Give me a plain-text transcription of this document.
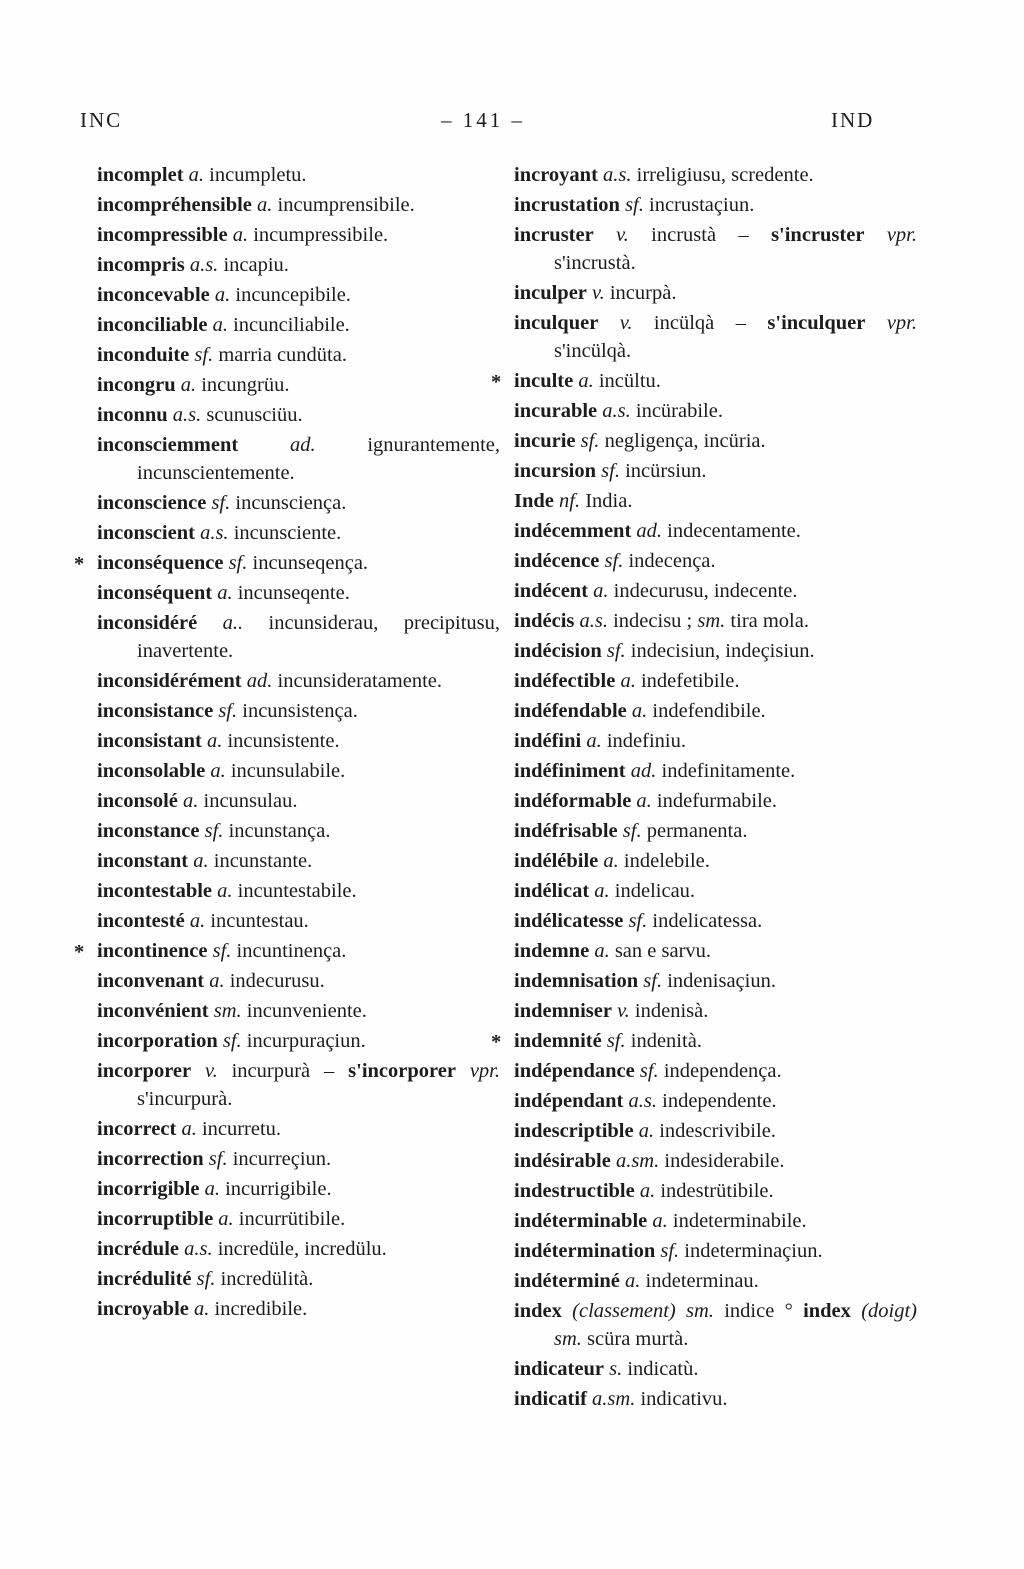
INC	– 141 –	IND
incomplet a. incumpletu.
incompréhensible a. incumprensibile.
incompressible a. incumpressibile.
incompris a.s. incapiu.
inconcevable a. incuncepibile.
inconciliable a. incunciliabile.
inconduite sf. marria cundüta.
incongru a. incungrüu.
inconnu a.s. scunusciüu.
inconsciemment ad. ignurantemente, incunscientemente.
inconscience sf. incunsciença.
inconscient a.s. incunsciente.
* inconséquence sf. incunseqença.
inconséquent a. incunseqente.
inconsidéré a.. incunsiderau, precipitusu, inavertente.
inconsidérément ad. incunsideratamente.
inconsistance sf. incunsistença.
inconsistant a. incunsistente.
inconsolable a. incunsulabile.
inconsolé a. incunsulau.
inconstance sf. incunstança.
inconstant a. incunstante.
incontestable a. incuntestabile.
incontesté a. incuntestau.
* incontinence sf. incuntinença.
inconvenant a. indecurusu.
inconvénient sm. incunveniente.
incorporation sf. incurpuraçiun.
incorporer v. incurpurà – s'incorporer vpr. s'incurpurà.
incorrect a. incurretu.
incorrection sf. incurreçiun.
incorrigible a. incurrigibile.
incorruptible a. incurrütibile.
incrédule a.s. incredüle, incredülu.
incrédulité sf. incredülità.
incroyable a. incredibile.
incroyant a.s. irreligiusu, scredente.
incrustation sf. incrustaçiun.
incruster v. incrustà – s'incruster vpr. s'incrustà.
inculper v. incurpà.
inculquer v. incülqà – s'inculquer vpr. s'incülqà.
* inculte a. incültu.
incurable a.s. incürabile.
incurie sf. negligença, incüria.
incursion sf. incürsiun.
Inde nf. India.
indécemment ad. indecentamente.
indécence sf. indecença.
indécent a. indecurusu, indecente.
indécis a.s. indecisu ; sm. tira mola.
indécision sf. indecisiun, indeçisiun.
indéfectible a. indefetibile.
indéfendable a. indefendibile.
indéfini a. indefiniu.
indéfiniment ad. indefinitamente.
indéformable a. indefurmabile.
indéfrisable sf. permanenta.
indélébile a. indelebile.
indélicat a. indelicau.
indélicatesse sf. indelicatessa.
indemne a. san e sarvu.
indemnisation sf. indenisaçiun.
indemniser v. indenisà.
* indemnité sf. indenità.
indépendance sf. independença.
indépendant a.s. independente.
indescriptible a. indescrivibile.
indésirable a.sm. indesiderabile.
indestructible a. indestrütibile.
indéterminable a. indeterminabile.
indétermination sf. indeterminaçiun.
indéterminé a. indeterminau.
index (classement) sm. indice ° index (doigt) sm. scüra murtà.
indicateur s. indicatù.
indicatif a.sm. indicativu.
